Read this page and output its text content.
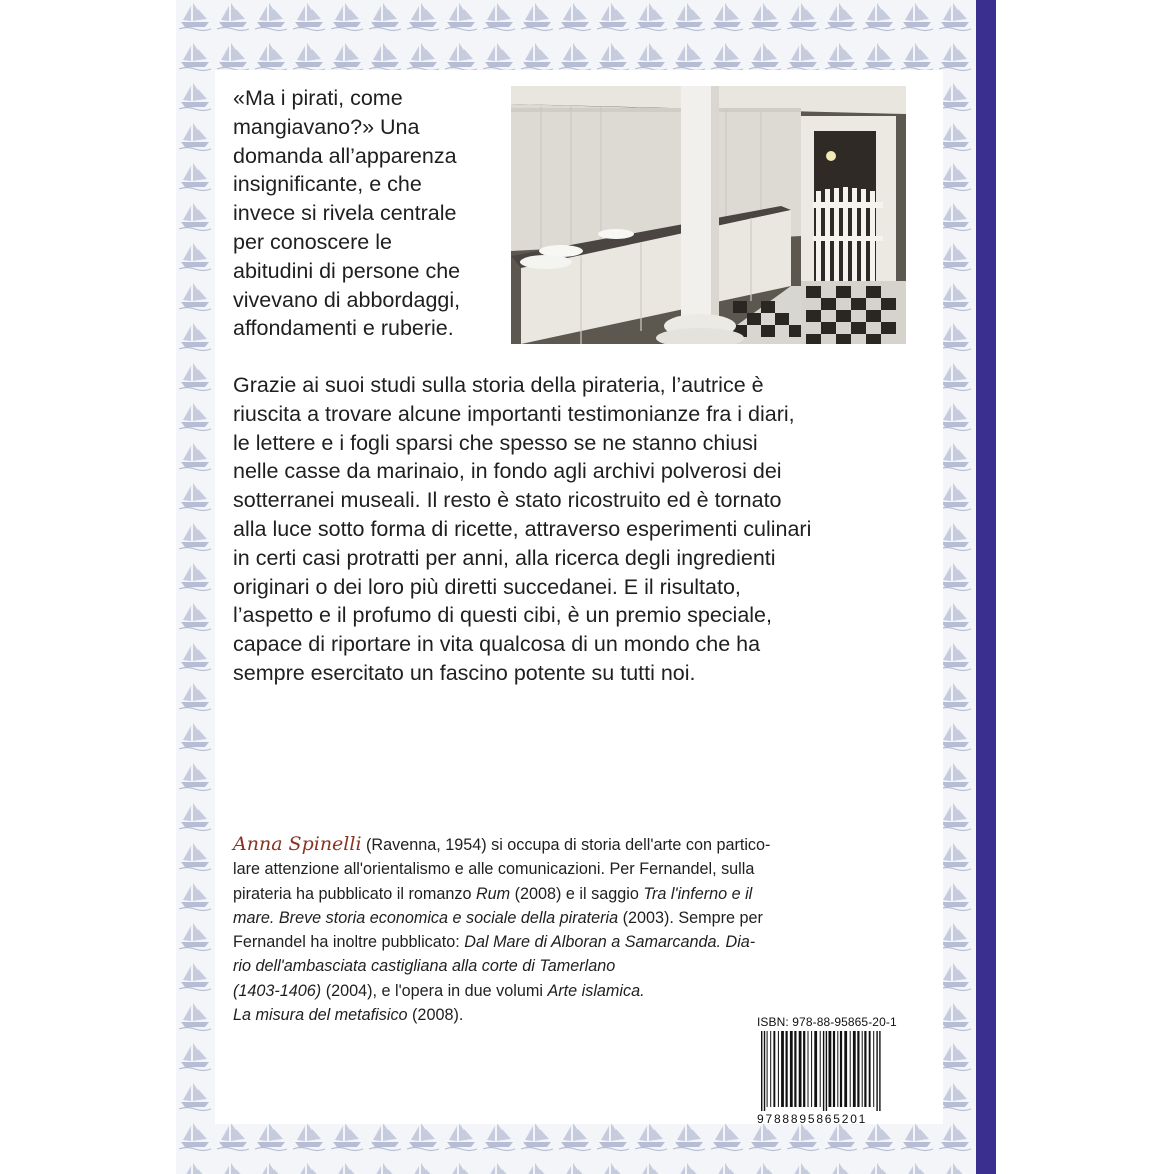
«Ma i pirati, come
mangiavano?» Una
domanda all’apparenza
insignificante, e che
invece si rivela centrale
per conoscere le
abitudini di persone che
vivevano di abbordaggi,
affondamenti e ruberie.
Grazie ai suoi studi sulla storia della pirateria, l’autrice è
riuscita a trovare alcune importanti testimonianze fra i diari,
le lettere e i fogli sparsi che spesso se ne stanno chiusi
nelle casse da marinaio, in fondo agli archivi polverosi dei
sotterranei museali. Il resto è stato ricostruito ed è tornato
alla luce sotto forma di ricette, attraverso esperimenti culinari
in certi casi protratti per anni, alla ricerca degli ingredienti
originari o dei loro più diretti succedanei. E il risultato,
l’aspetto e il profumo di questi cibi, è un premio speciale,
capace di riportare in vita qualcosa di un mondo che ha
sempre esercitato un fascino potente su tutti noi.
Anna Spinelli (Ravenna, 1954) si occupa di storia dell'arte con partico-
lare attenzione all'orientalismo e alle comunicazioni. Per Fernandel, sulla
pirateria ha pubblicato il romanzo Rum (2008) e il saggio Tra l'inferno e il
mare. Breve storia economica e sociale della pirateria (2003). Sempre per
Fernandel ha inoltre pubblicato: Dal Mare di Alboran a Samarcanda. Dia-
rio dell'ambasciata castigliana alla corte di Tamerlano
(1403-1406) (2004), e l'opera in due volumi Arte islamica.
La misura del metafisico (2008).	ISBN: 978-88-95865-20-1
9788895865201
